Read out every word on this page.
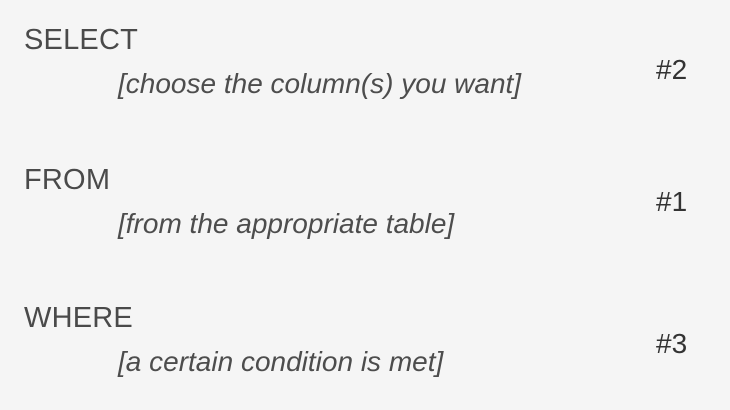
SELECT
[choose the column(s) you want]	#2
FROM
[from the appropriate table]
#1
WHERE
[a certain condition is met]
#3
